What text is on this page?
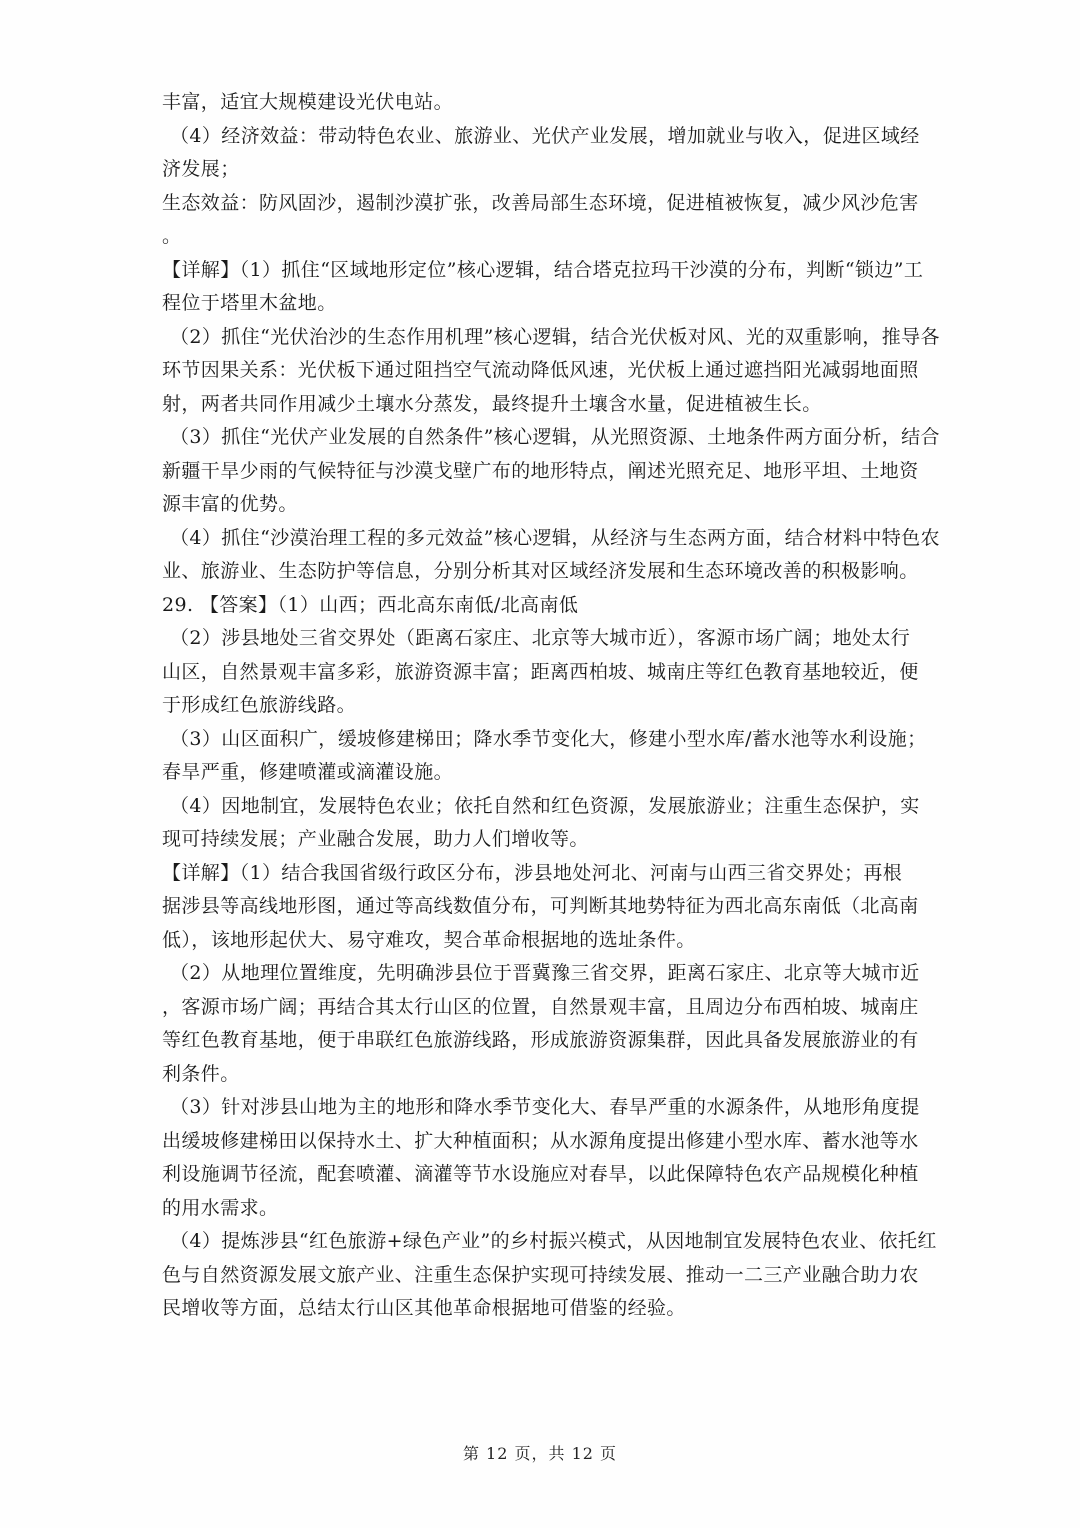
丰富，适宜大规模建设光伏电站。
（4）经济效益：带动特色农业、旅游业、光伏产业发展，增加就业与收入，促进区域经
济发展；
生态效益：防风固沙，遏制沙漠扩张，改善局部生态环境，促进植被恢复，减少风沙危害
。
【详解】（1）抓住“区域地形定位”核心逻辑，结合塔克拉玛干沙漠的分布，判断“锁边”工
程位于塔里木盆地。
（2）抓住“光伏治沙的生态作用机理”核心逻辑，结合光伏板对风、光的双重影响，推导各
环节因果关系：光伏板下通过阻挡空气流动降低风速，光伏板上通过遮挡阳光减弱地面照
射，两者共同作用减少土壤水分蒸发，最终提升土壤含水量，促进植被生长。
（3）抓住“光伏产业发展的自然条件”核心逻辑，从光照资源、土地条件两方面分析，结合
新疆干旱少雨的气候特征与沙漠戈壁广布的地形特点，阐述光照充足、地形平坦、土地资
源丰富的优势。
（4）抓住“沙漠治理工程的多元效益”核心逻辑，从经济与生态两方面，结合材料中特色农
业、旅游业、生态防护等信息，分别分析其对区域经济发展和生态环境改善的积极影响。
29. 【答案】（1）山西；西北高东南低/北高南低
（2）涉县地处三省交界处（距离石家庄、北京等大城市近），客源市场广阔；地处太行
山区，自然景观丰富多彩，旅游资源丰富；距离西柏坡、城南庄等红色教育基地较近，便
于形成红色旅游线路。
（3）山区面积广，缓坡修建梯田；降水季节变化大，修建小型水库/蓄水池等水利设施；
春旱严重，修建喷灌或滴灌设施。
（4）因地制宜，发展特色农业；依托自然和红色资源，发展旅游业；注重生态保护，实
现可持续发展；产业融合发展，助力人们增收等。
【详解】（1）结合我国省级行政区分布，涉县地处河北、河南与山西三省交界处；再根
据涉县等高线地形图，通过等高线数值分布，可判断其地势特征为西北高东南低（北高南
低），该地形起伏大、易守难攻，契合革命根据地的选址条件。
（2）从地理位置维度，先明确涉县位于晋冀豫三省交界，距离石家庄、北京等大城市近
，客源市场广阔；再结合其太行山区的位置，自然景观丰富，且周边分布西柏坡、城南庄
等红色教育基地，便于串联红色旅游线路，形成旅游资源集群，因此具备发展旅游业的有
利条件。
（3）针对涉县山地为主的地形和降水季节变化大、春旱严重的水源条件，从地形角度提
出缓坡修建梯田以保持水土、扩大种植面积；从水源角度提出修建小型水库、蓄水池等水
利设施调节径流，配套喷灌、滴灌等节水设施应对春旱，以此保障特色农产品规模化种植
的用水需求。
（4）提炼涉县“红色旅游+绿色产业”的乡村振兴模式，从因地制宜发展特色农业、依托红
色与自然资源发展文旅产业、注重生态保护实现可持续发展、推动一二三产业融合助力农
民增收等方面，总结太行山区其他革命根据地可借鉴的经验。
第 12 页，共 12 页
